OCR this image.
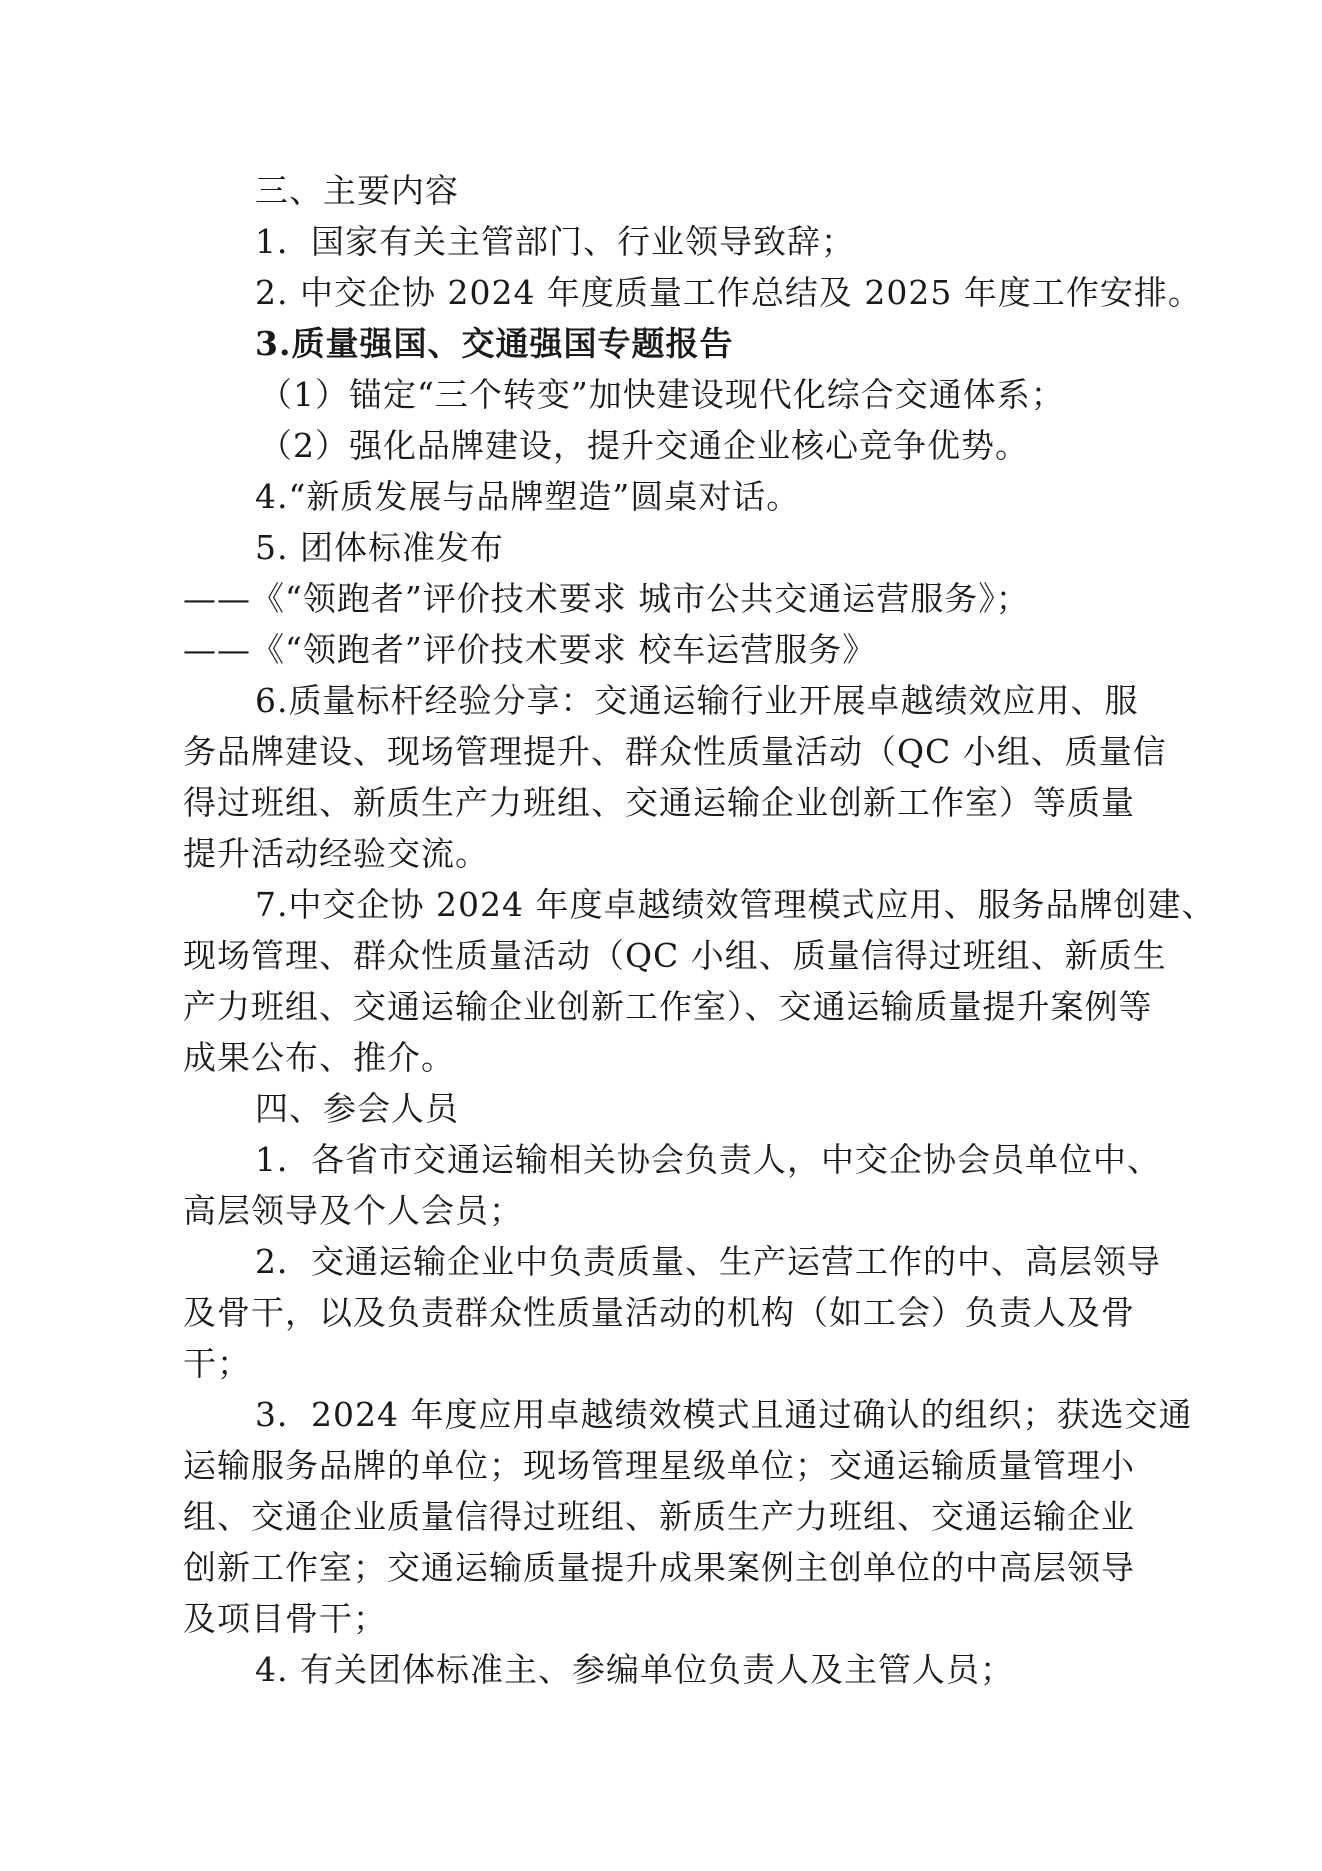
三、主要内容
1．国家有关主管部门、行业领导致辞；
2. 中交企协 2024 年度质量工作总结及 2025 年度工作安排。
3.质量强国、交通强国专题报告
（1）锚定“三个转变”加快建设现代化综合交通体系；
（2）强化品牌建设，提升交通企业核心竞争优势。
4.“新质发展与品牌塑造”圆桌对话。
5. 团体标准发布
——《“领跑者”评价技术要求 城市公共交通运营服务》；
——《“领跑者”评价技术要求 校车运营服务》
6.质量标杆经验分享：交通运输行业开展卓越绩效应用、服
务品牌建设、现场管理提升、群众性质量活动（QC 小组、质量信
得过班组、新质生产力班组、交通运输企业创新工作室）等质量
提升活动经验交流。
7.中交企协 2024 年度卓越绩效管理模式应用、服务品牌创建、
现场管理、群众性质量活动（QC 小组、质量信得过班组、新质生
产力班组、交通运输企业创新工作室）、交通运输质量提升案例等
成果公布、推介。
四、参会人员
1．各省市交通运输相关协会负责人，中交企协会员单位中、
高层领导及个人会员；
2．交通运输企业中负责质量、生产运营工作的中、高层领导
及骨干，以及负责群众性质量活动的机构（如工会）负责人及骨
干；
3．2024 年度应用卓越绩效模式且通过确认的组织；获选交通
运输服务品牌的单位；现场管理星级单位；交通运输质量管理小
组、交通企业质量信得过班组、新质生产力班组、交通运输企业
创新工作室；交通运输质量提升成果案例主创单位的中高层领导
及项目骨干；
4. 有关团体标准主、参编单位负责人及主管人员；
